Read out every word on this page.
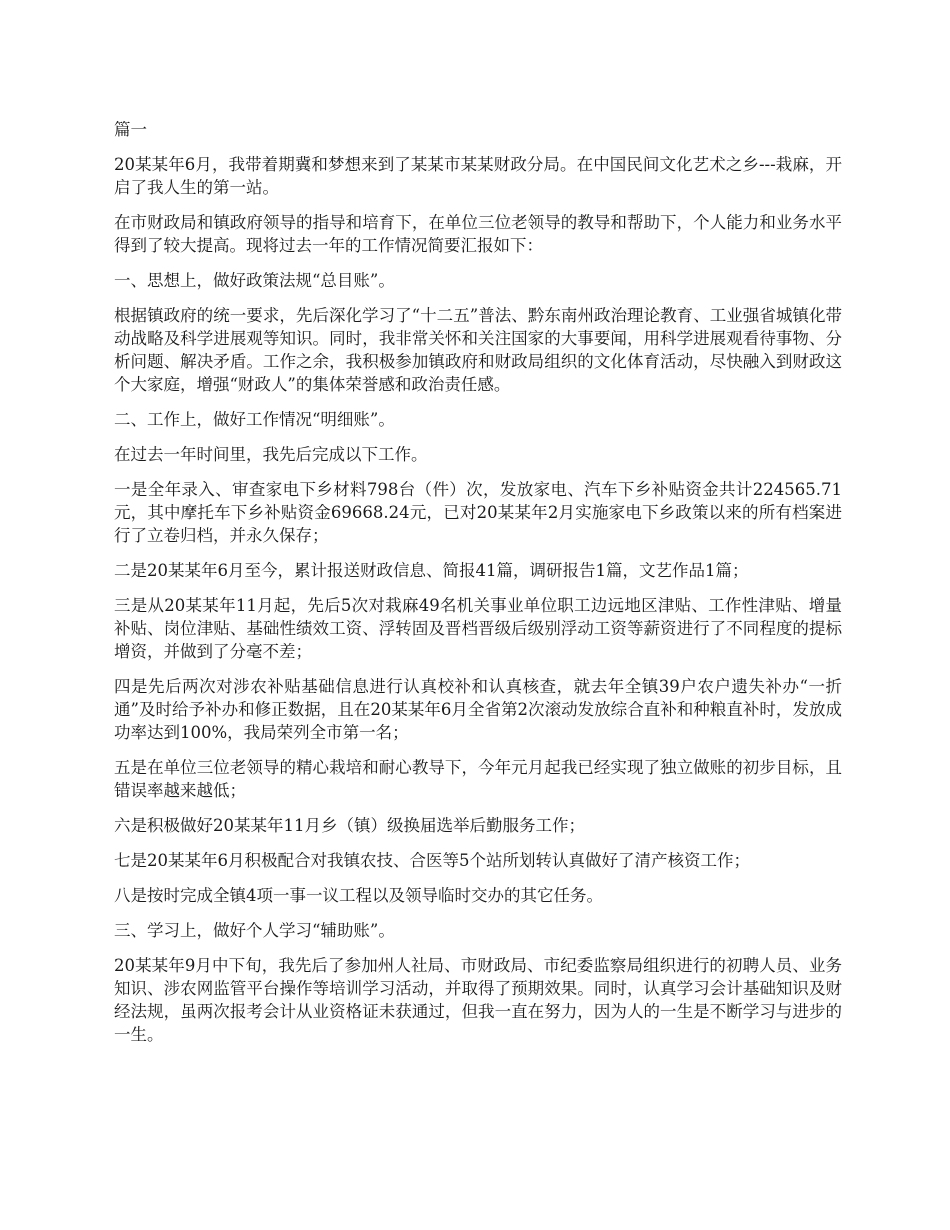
篇一

20某某年6月，我带着期冀和梦想来到了某某市某某财政分局。在中国民间文化艺术之乡---栽麻，开启了我人生的第一站。

在市财政局和镇政府领导的指导和培育下，在单位三位老领导的教导和帮助下，个人能力和业务水平得到了较大提高。现将过去一年的工作情况简要汇报如下：

一、思想上，做好政策法规“总目账”。

根据镇政府的统一要求，先后深化学习了“十二五”普法、黔东南州政治理论教育、工业强省城镇化带动战略及科学进展观等知识。同时，我非常关怀和关注国家的大事要闻，用科学进展观看待事物、分析问题、解决矛盾。工作之余，我积极参加镇政府和财政局组织的文化体育活动，尽快融入到财政这个大家庭，增强“财政人”的集体荣誉感和政治责任感。

二、工作上，做好工作情况“明细账”。

在过去一年时间里，我先后完成以下工作。

一是全年录入、审查家电下乡材料798台（件）次，发放家电、汽车下乡补贴资金共计224565.71元，其中摩托车下乡补贴资金69668.24元，已对20某某年2月实施家电下乡政策以来的所有档案进行了立卷归档，并永久保存；

二是20某某年6月至今，累计报送财政信息、简报41篇，调研报告1篇，文艺作品1篇；

三是从20某某年11月起，先后5次对栽麻49名机关事业单位职工边远地区津贴、工作性津贴、增量补贴、岗位津贴、基础性绩效工资、浮转固及晋档晋级后级别浮动工资等薪资进行了不同程度的提标增资，并做到了分毫不差；

四是先后两次对涉农补贴基础信息进行认真校补和认真核查，就去年全镇39户农户遗失补办“一折通”及时给予补办和修正数据，且在20某某年6月全省第2次滚动发放综合直补和种粮直补时，发放成功率达到100%，我局荣列全市第一名；

五是在单位三位老领导的精心栽培和耐心教导下，今年元月起我已经实现了独立做账的初步目标，且错误率越来越低；

六是积极做好20某某年11月乡（镇）级换届选举后勤服务工作；

七是20某某年6月积极配合对我镇农技、合医等5个站所划转认真做好了清产核资工作；

八是按时完成全镇4项一事一议工程以及领导临时交办的其它任务。

三、学习上，做好个人学习“辅助账”。

20某某年9月中下旬，我先后了参加州人社局、市财政局、市纪委监察局组织进行的初聘人员、业务知识、涉农网监管平台操作等培训学习活动，并取得了预期效果。同时，认真学习会计基础知识及财经法规，虽两次报考会计从业资格证未获通过，但我一直在努力，因为人的一生是不断学习与进步的一生。
